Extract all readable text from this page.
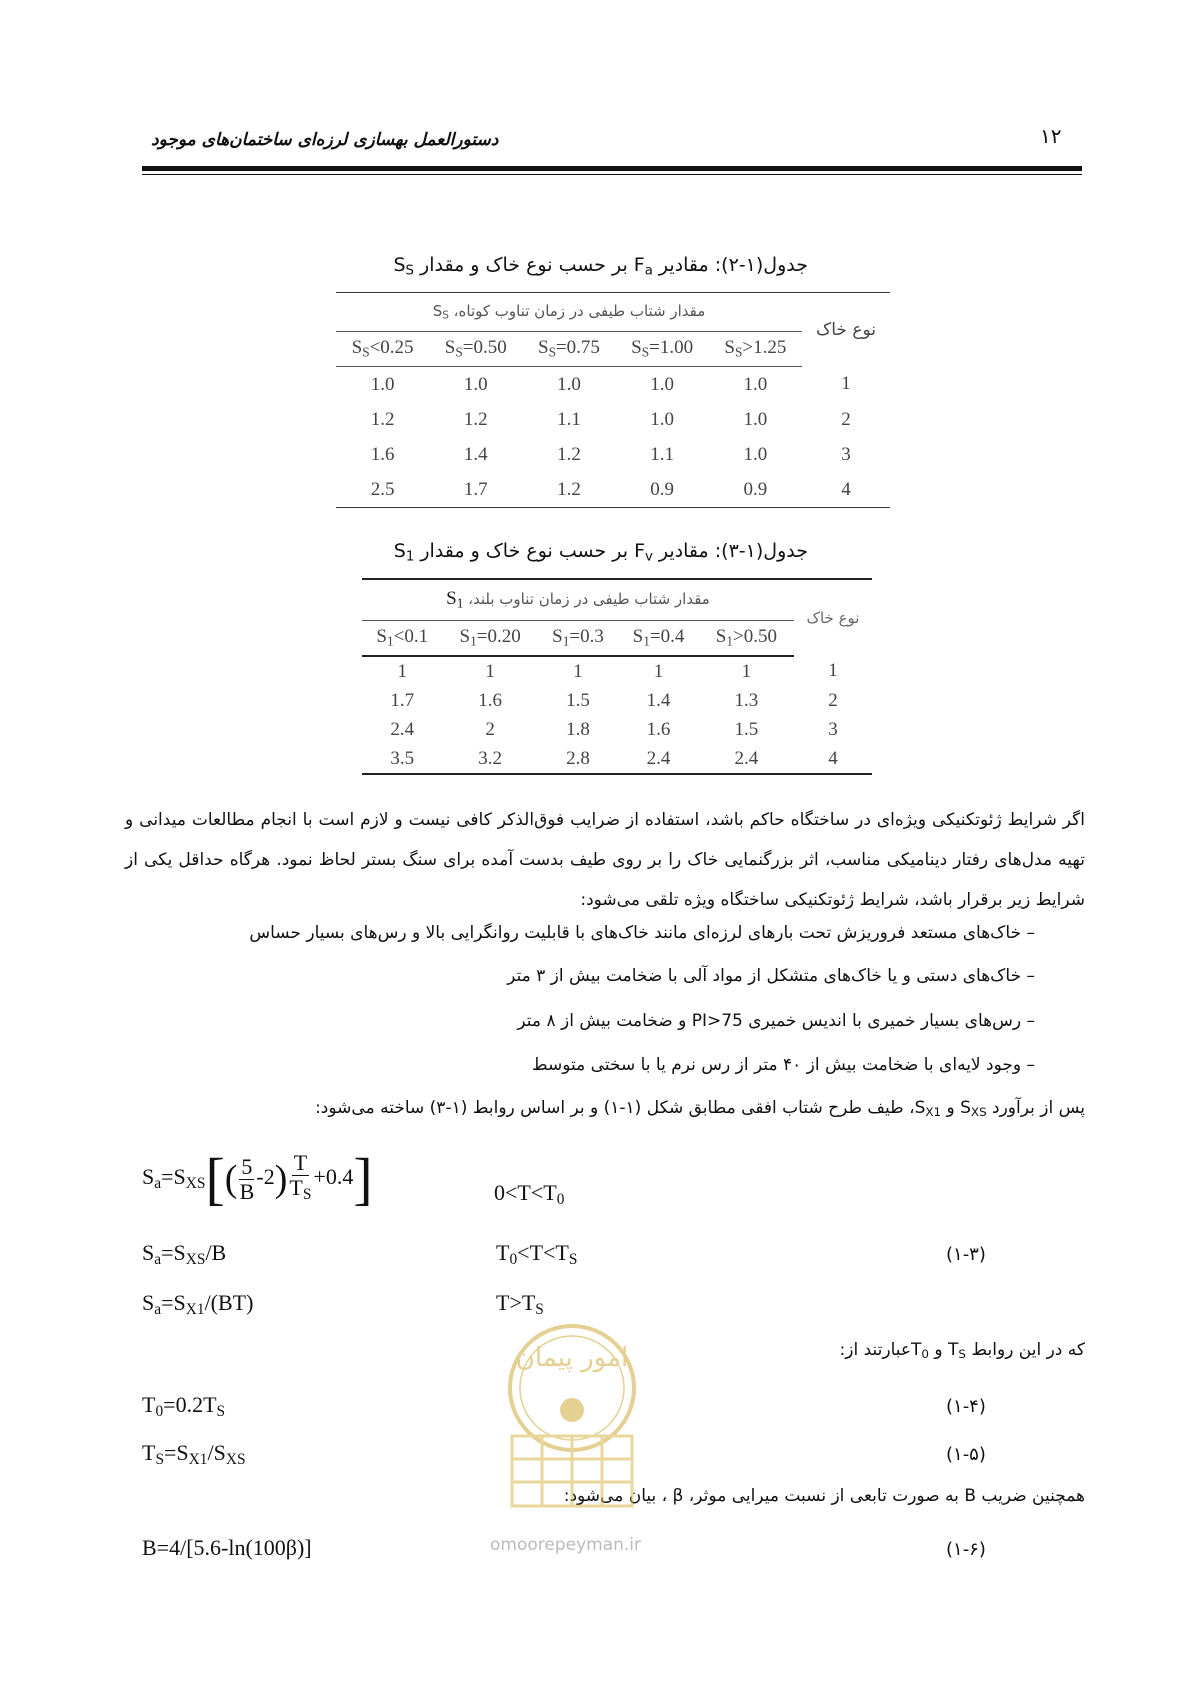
۱۲
دستورالعمل بهسازی لرزه‌ای ساختمان‌های موجود
جدول(۱-۲): مقادیر $F_a$ بر حسب نوع خاک و مقدار $S_S$
مقدار شتاب طیفی در زمان تناوب کوتاه، $S_S$					نوع خاک
$S_S<0.25$	$S_S=0.50$	$S_S=0.75$	$S_S=1.00$	$S_S>1.25$	
1.0	1.0	1.0	1.0	1.0	1
1.2	1.2	1.1	1.0	1.0	2
1.6	1.4	1.2	1.1	1.0	3
2.5	1.7	1.2	0.9	0.9	4
جدول(۱-۳): مقادیر $F_v$ بر حسب نوع خاک و مقدار $S_1$
مقدار شتاب طیفی در زمان تناوب بلند، $S_1$					نوع خاک
$S_1<0.1$	$S_1=0.20$	$S_1=0.3$	$S_1=0.4$	$S_1>0.50$	
1	1	1	1	1	1
1.7	1.6	1.5	1.4	1.3	2
2.4	2	1.8	1.6	1.5	3
3.5	3.2	2.8	2.4	2.4	4
اگر شرایط ژئوتکنیکی ویژه‌ای در ساختگاه حاکم باشد، استفاده از ضرایب فوق‌الذکر کافی نیست و لازم است با انجام مطالعات میدانی و تهیه مدل‌های رفتار دینامیکی مناسب، اثر بزرگنمایی خاک را بر روی طیف بدست آمده برای سنگ بستر لحاظ نمود. هرگاه حداقل یکی از شرایط زیر برقرار باشد، شرایط ژئوتکنیکی ساختگاه ویژه تلقی می‌شود:
– خاک‌های مستعد فروریزش تحت بارهای لرزه‌ای مانند خاک‌های با قابلیت روانگرایی بالا و رس‌های بسیار حساس
– خاک‌های دستی و یا خاک‌های متشکل از مواد آلی با ضخامت بیش از ۳ متر
– رس‌های بسیار خمیری با اندیس خمیری PI>75 و ضخامت بیش از ۸ متر
– وجود لایه‌ای با ضخامت بیش از ۴۰ متر از رس نرم یا با سختی متوسط
پس از برآورد $S_{XS}$ و $S_{X1}،$ طیف طرح شتاب افقی مطابق شکل (۱-۱) و بر اساس روابط (۱-۳) ساخته می‌شود:
$S_a=S_{XS}[( \frac{5}{B} -2) \frac{T}{T_S} +0.4]$	$0<T<T_0$
$S_a=S_{XS}/B$	$T_0<T<T_S$	(۱-۳)
$S_a=S_{X1}/(BT)$	$T>T_S$
که در این روابط $T_S$ و $T_0عبارتند$ از:
$T_0=0.2T_S$	(۱-۴)
$T_S=S_{X1}/S_{XS}$	(۱-۵)
همچنین ضریب B به صورت تابعی از نسبت میرایی موثر، β ، بیان می‌شود:
B=4/[5.6-ln(100β)]	(۱-۶)
امور پیمان
omoorepeyman.ir
